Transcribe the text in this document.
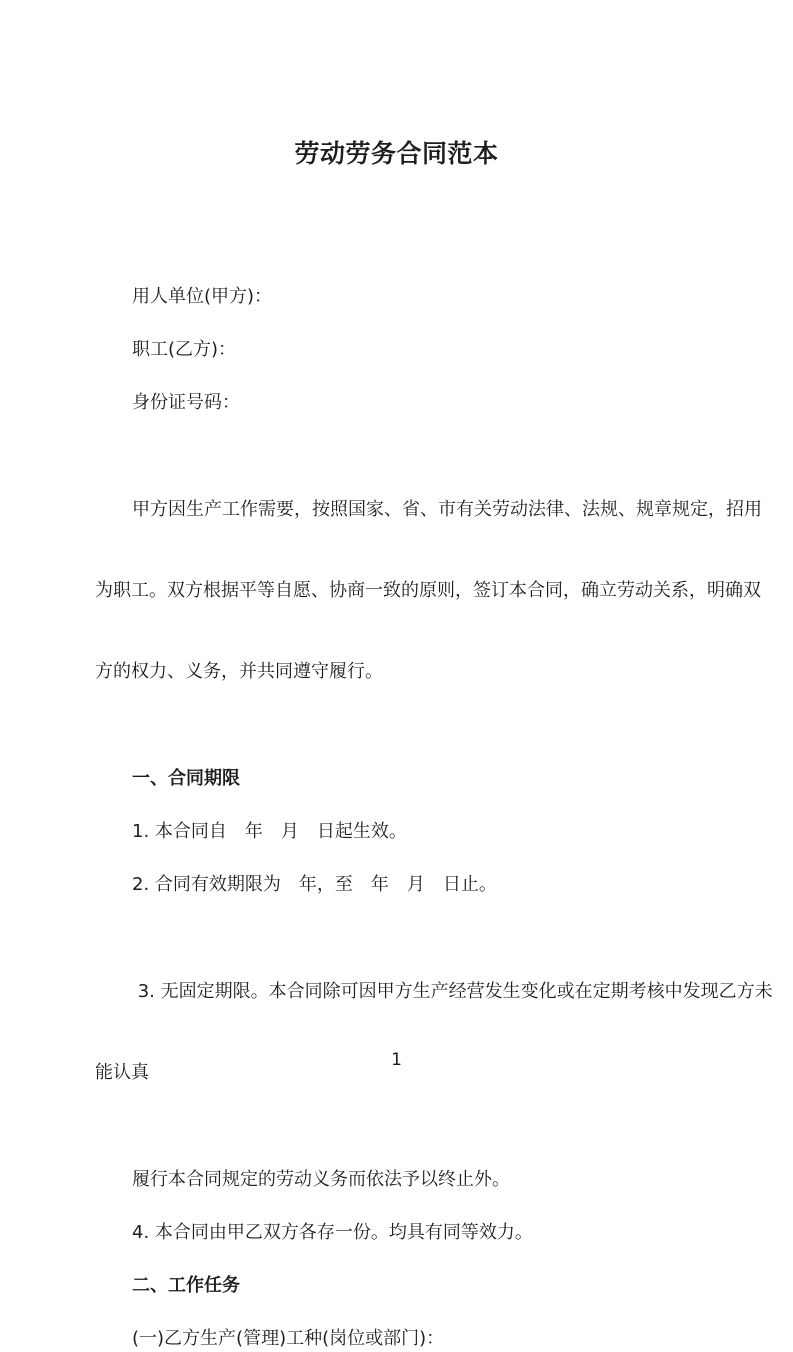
劳动劳务合同范本

用人单位(甲方)：

职工(乙方)：

身份证号码：

甲方因生产工作需要，按照国家、省、市有关劳动法律、法规、规章规定，招用

为职工。双方根据平等自愿、协商一致的原则，签订本合同，确立劳动关系，明确双

方的权力、义务，并共同遵守履行。

一、合同期限

1. 本合同自　年　月　日起生效。

2. 合同有效期限为　年，至　年　月　日止。

3. 无固定期限。本合同除可因甲方生产经营发生变化或在定期考核中发现乙方未

能认真

履行本合同规定的劳动义务而依法予以终止外。

4. 本合同由甲乙双方各存一份。均具有同等效力。

二、工作任务

(一)乙方生产(管理)工种(岗位或部门)：

1
